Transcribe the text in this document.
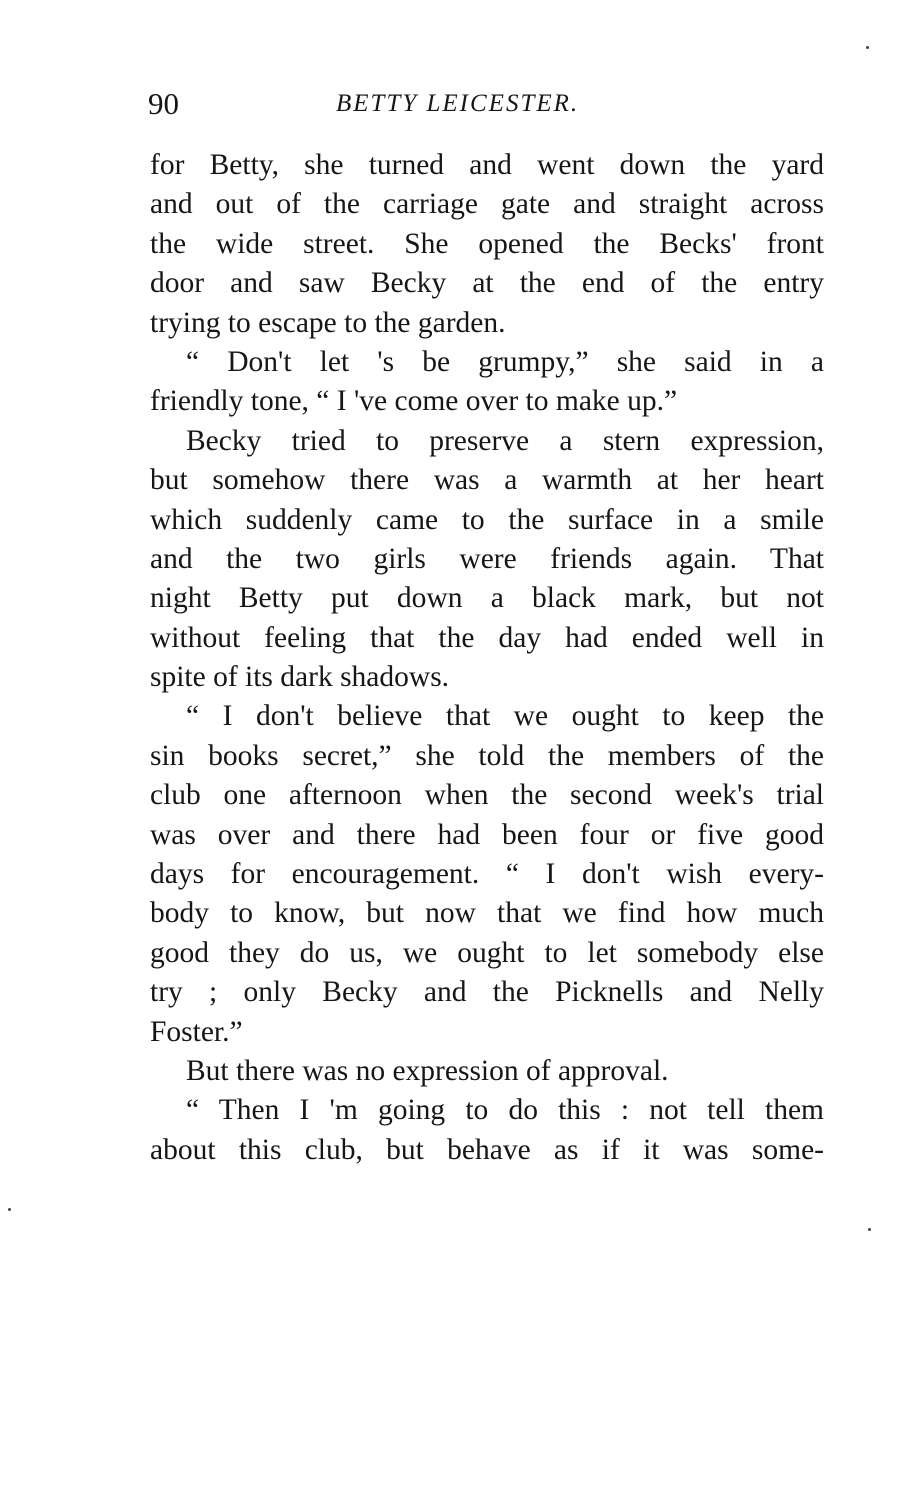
90	BETTY LEICESTER.
for Betty, she turned and went down the yard
and out of the carriage gate and straight across
the wide street. She opened the Becks' front
door and saw Becky at the end of the entry
trying to escape to the garden.
“ Don't let 's be grumpy,” she said in a
friendly tone, “ I 've come over to make up.”
Becky tried to preserve a stern expression,
but somehow there was a warmth at her heart
which suddenly came to the surface in a smile
and the two girls were friends again. That
night Betty put down a black mark, but not
without feeling that the day had ended well in
spite of its dark shadows.
“ I don't believe that we ought to keep the
sin books secret,” she told the members of the
club one afternoon when the second week's trial
was over and there had been four or five good
days for encouragement. “ I don't wish every-
body to know, but now that we find how much
good they do us, we ought to let somebody else
try ; only Becky and the Picknells and Nelly
Foster.”
But there was no expression of approval.
“ Then I 'm going to do this : not tell them
about this club, but behave as if it was some-
